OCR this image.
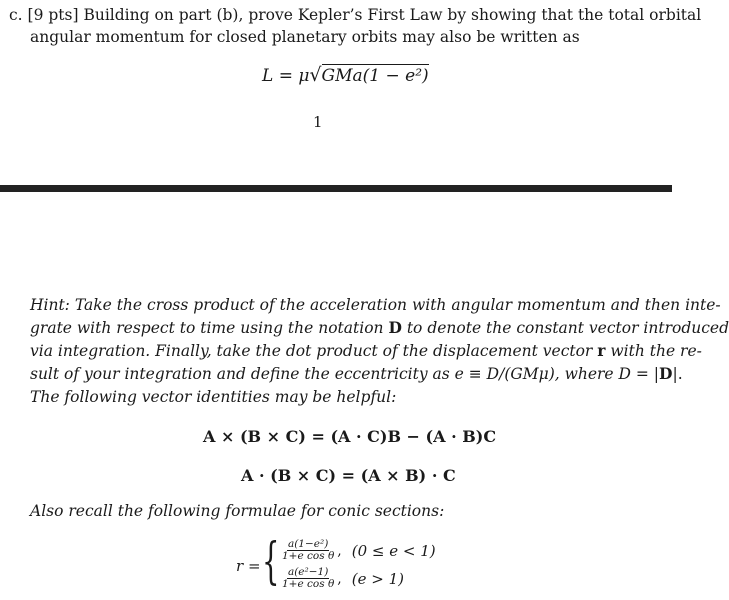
c. [9 pts] Building on part (b), prove Kepler’s First Law by showing that the total orbital
angular momentum for closed planetary orbits may also be written as
L = μ√GMa(1 − e²)
1
Hint: Take the cross product of the acceleration with angular momentum and then inte-
grate with respect to time using the notation D to denote the constant vector introduced
via integration. Finally, take the dot product of the displacement vector r with the re-
sult of your integration and define the eccentricity as e ≡ D/(GMμ), where D = |D|.
The following vector identities may be helpful:
A × (B × C) = (A · C)B − (A · B)C
A · (B × C) = (A × B) · C
Also recall the following formulae for conic sections:
r = { $\frac{\text{a(1−e²)}}{\text{1+e cos θ}}$ , (0 ≤ e < 1)
$\frac{\text{a(e²−1)}}{\text{1+e cos θ}}$ , (e > 1)
